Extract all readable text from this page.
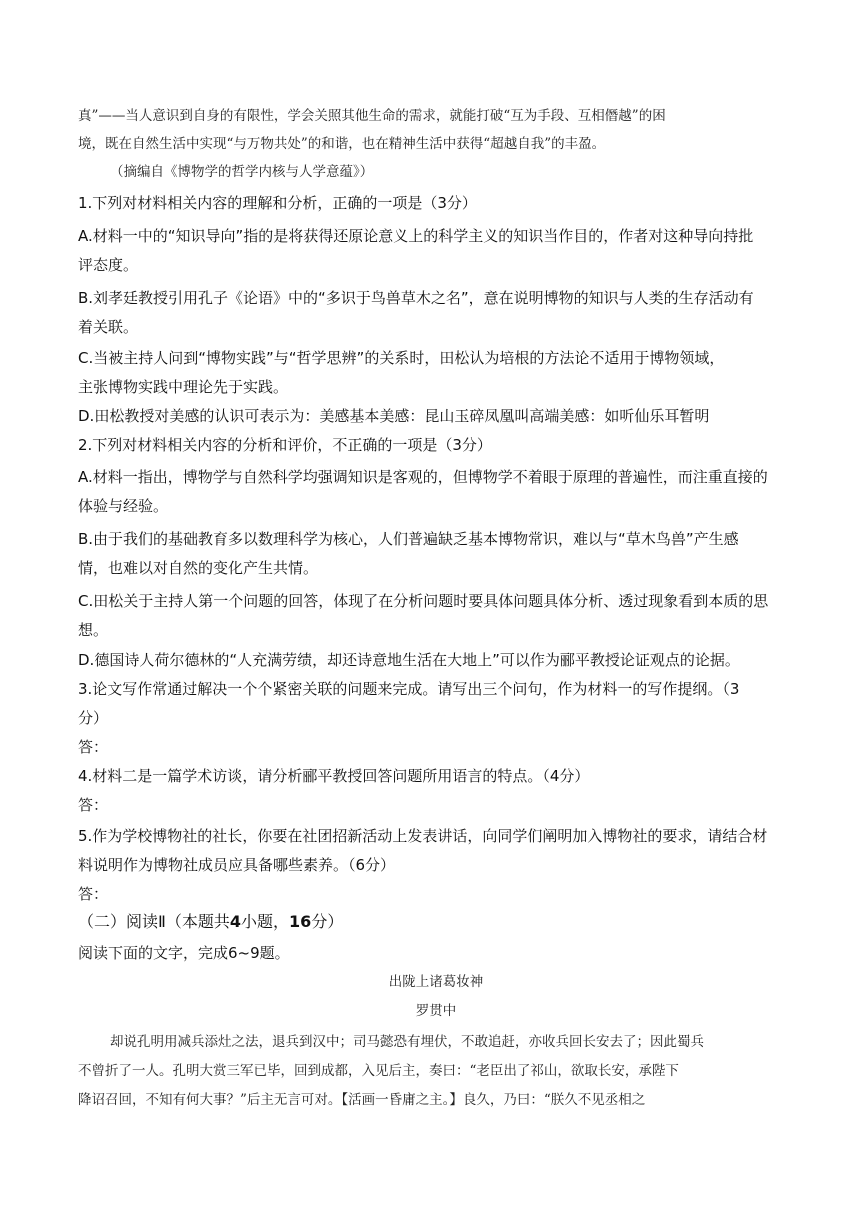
真”——当人意识到自身的有限性，学会关照其他生命的需求，就能打破“互为手段、互相僭越”的困
境，既在自然生活中实现“与万物共处”的和谐，也在精神生活中获得“超越自我”的丰盈。
（摘编自《博物学的哲学内核与人学意蕴》）
1.下列对材料相关内容的理解和分析，正确的一项是（3分）
A.材料一中的“知识导向”指的是将获得还原论意义上的科学主义的知识当作目的，作者对这种导向持批
评态度。
B.刘孝廷教授引用孔子《论语》中的“多识于鸟兽草木之名”，意在说明博物的知识与人类的生存活动有
着关联。
C.当被主持人问到“博物实践”与“哲学思辨”的关系时，田松认为培根的方法论不适用于博物领域，
主张博物实践中理论先于实践。
D.田松教授对美感的认识可表示为：美感基本美感：昆山玉碎凤凰叫高端美感：如听仙乐耳暂明
2.下列对材料相关内容的分析和评价，不正确的一项是（3分）
A.材料一指出，博物学与自然科学均强调知识是客观的，但博物学不着眼于原理的普遍性，而注重直接的
体验与经验。
B.由于我们的基础教育多以数理科学为核心，人们普遍缺乏基本博物常识，难以与“草木鸟兽”产生感
情，也难以对自然的变化产生共情。
C.田松关于主持人第一个问题的回答，体现了在分析问题时要具体问题具体分析、透过现象看到本质的思
想。
D.德国诗人荷尔德林的“人充满劳绩，却还诗意地生活在大地上”可以作为郦平教授论证观点的论据。
3.论文写作常通过解决一个个紧密关联的问题来完成。请写出三个问句，作为材料一的写作提纲。（3
分）
答：
4.材料二是一篇学术访谈，请分析郦平教授回答问题所用语言的特点。（4分）
答：
5.作为学校博物社的社长，你要在社团招新活动上发表讲话，向同学们阐明加入博物社的要求，请结合材
料说明作为博物社成员应具备哪些素养。（6分）
答：
（二）阅读Ⅱ（本题共4小题，16分）
阅读下面的文字，完成6~9题。
出陇上诸葛妆神
罗贯中
却说孔明用减兵添灶之法，退兵到汉中；司马懿恐有埋伏，不敢追赶，亦收兵回长安去了；因此蜀兵
不曾折了一人。孔明大赏三军已毕，回到成都，入见后主，奏曰：“老臣出了祁山，欲取长安，承陛下
降诏召回，不知有何大事？”后主无言可对。【活画一昏庸之主。】良久，乃曰：“朕久不见丞相之
